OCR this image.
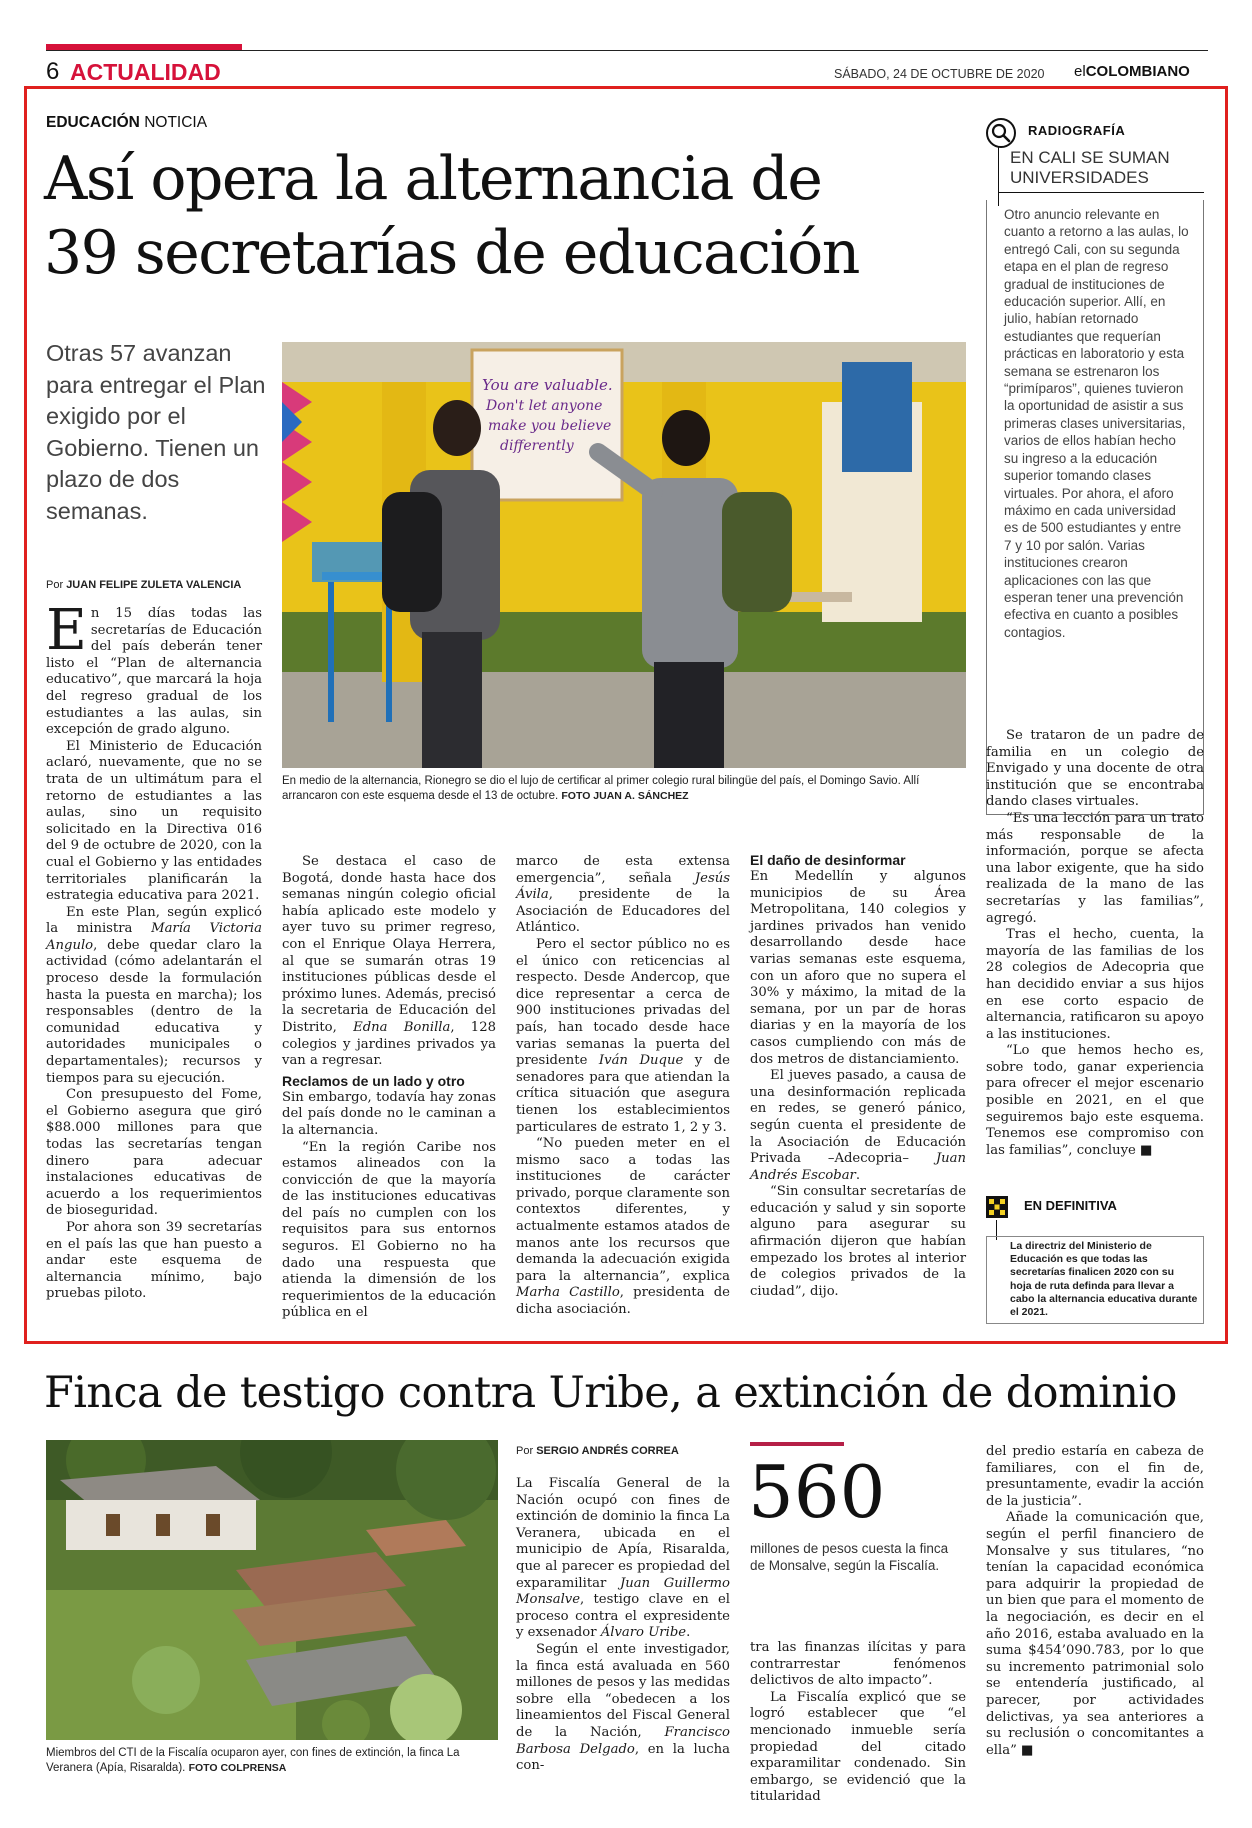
6 ACTUALIDAD	SÁBADO, 24 DE OCTUBRE DE 2020 elCOLOMBIANO
EDUCACIÓN NOTICIA
Así opera la alternancia de
39 secretarías de educación
Otras 57 avanzan para entregar el Plan exigido por el Gobierno. Tienen un plazo de dos semanas.
Por JUAN FELIPE ZULETA VALENCIA
You are valuable.
Don't let anyone
make you believe
differently
En medio de la alternancia, Rionegro se dio el lujo de certificar al primer colegio rural bilingüe del país, el Domingo Savio. Allí arrancaron con este esquema desde el 13 de octubre. FOTO JUAN A. SÁNCHEZ

En 15 días todas las secretarías de Educación del país deberán tener listo el “Plan de alternancia educativo”, que marcará la hoja del regreso gradual de los estudiantes a las aulas, sin excepción de grado alguno.

El Ministerio de Educación aclaró, nuevamente, que no se trata de un ultimátum para el retorno de estudiantes a las aulas, sino un requisito solicitado en la Directiva 016 del 9 de octubre de 2020, con la cual el Gobierno y las entidades territoriales planificarán la estrategia educativa para 2021.

En este Plan, según explicó la ministra María Victoria Angulo, debe quedar claro la actividad (cómo adelantarán el proceso desde la formulación hasta la puesta en marcha); los responsables (dentro de la comunidad educativa y autoridades municipales o departamentales); recursos y tiempos para su ejecución.

Con presupuesto del Fome, el Gobierno asegura que giró $88.000 millones para que todas las secretarías tengan dinero para adecuar instalaciones educativas de acuerdo a los requerimientos de bioseguridad.

Por ahora son 39 secretarías en el país las que han puesto a andar este esquema de alternancia mínimo, bajo pruebas piloto.

Se destaca el caso de Bogotá, donde hasta hace dos semanas ningún colegio oficial había aplicado este modelo y ayer tuvo su primer regreso, con el Enrique Olaya Herrera, al que se sumarán otras 19 instituciones públicas desde el próximo lunes. Además, precisó la secretaria de Educación del Distrito, Edna Bonilla, 128 colegios y jardines privados ya van a regresar.

Reclamos de un lado y otro

Sin embargo, todavía hay zonas del país donde no le caminan a la alternancia.

“En la región Caribe nos estamos alineados con la convicción de que la mayoría de las instituciones educativas del país no cumplen con los requisitos para sus entornos seguros. El Gobierno no ha dado una respuesta que atienda la dimensión de los requerimientos de la educación pública en el

marco de esta extensa emergencia”, señala Jesús Ávila, presidente de la Asociación de Educadores del Atlántico.

Pero el sector público no es el único con reticencias al respecto. Desde Andercop, que dice representar a cerca de 900 instituciones privadas del país, han tocado desde hace varias semanas la puerta del presidente Iván Duque y de senadores para que atiendan la crítica situación que asegura tienen los establecimientos particulares de estrato 1, 2 y 3.

“No pueden meter en el mismo saco a todas las instituciones de carácter privado, porque claramente son contextos diferentes, y actualmente estamos atados de manos ante los recursos que demanda la adecuación exigida para la alternancia”, explica Marha Castillo, presidenta de dicha asociación.

El daño de desinformar

En Medellín y algunos municipios de su Área Metropolitana, 140 colegios y jardines privados han venido desarrollando desde hace varias semanas este esquema, con un aforo que no supera el 30% y máximo, la mitad de la semana, por un par de horas diarias y en la mayoría de los casos cumpliendo con más de dos metros de distanciamiento.

El jueves pasado, a causa de una desinformación replicada en redes, se generó pánico, según cuenta el presidente de la Asociación de Educación Privada –Adecopria– Juan Andrés Escobar.

“Sin consultar secretarías de educación y salud y sin soporte alguno para asegurar su afirmación dijeron que habían empezado los brotes al interior de colegios privados de la ciudad”, dijo.

RADIOGRAFÍA
EN CALI SE SUMAN UNIVERSIDADES
Otro anuncio relevante en cuanto a retorno a las aulas, lo entregó Cali, con su segunda etapa en el plan de regreso gradual de instituciones de educación superior. Allí, en julio, habían retornado estudiantes que requerían prácticas en laboratorio y esta semana se estrenaron los “primíparos”, quienes tuvieron la oportunidad de asistir a sus primeras clases universitarias, varios de ellos habían hecho su ingreso a la educación superior tomando clases virtuales. Por ahora, el aforo máximo en cada universidad es de 500 estudiantes y entre 7 y 10 por salón. Varias instituciones crearon aplicaciones con las que esperan tener una prevención efectiva en cuanto a posibles contagios.

Se trataron de un padre de familia en un colegio de Envigado y una docente de otra institución que se encontraba dando clases virtuales.

“Es una lección para un trato más responsable de la información, porque se afecta una labor exigente, que ha sido realizada de la mano de las secretarías y las familias”, agregó.

Tras el hecho, cuenta, la mayoría de las familias de los 28 colegios de Adecopria que han decidido enviar a sus hijos en ese corto espacio de alternancia, ratificaron su apoyo a las instituciones.

“Lo que hemos hecho es, sobre todo, ganar experiencia para ofrecer el mejor escenario posible en 2021, en el que seguiremos bajo este esquema. Tenemos ese compromiso con las familias”, concluye ■

EN DEFINITIVA
La directriz del Ministerio de Educación es que todas las secretarías finalicen 2020 con su hoja de ruta definda para llevar a cabo la alternancia educativa durante el 2021.
Finca de testigo contra Uribe, a extinción de dominio
Miembros del CTI de la Fiscalía ocuparon ayer, con fines de extinción, la finca La Veranera (Apía, Risaralda). FOTO COLPRENSA
Por SERGIO ANDRÉS CORREA

La Fiscalía General de la Nación ocupó con fines de extinción de dominio la finca La Veranera, ubicada en el municipio de Apía, Risaralda, que al parecer es propiedad del exparamilitar Juan Guillermo Monsalve, testigo clave en el proceso contra el expresidente y exsenador Álvaro Uribe.

Según el ente investigador, la finca está avaluada en 560 millones de pesos y las medidas sobre ella “obedecen a los lineamientos del Fiscal General de la Nación, Francisco Barbosa Delgado, en la lucha con-

560
millones de pesos cuesta la finca de Monsalve, según la Fiscalía.

tra las finanzas ilícitas y para contrarrestar fenómenos delictivos de alto impacto”.

La Fiscalía explicó que se logró establecer que “el mencionado inmueble sería propiedad del citado exparamilitar condenado. Sin embargo, se evidenció que la titularidad

del predio estaría en cabeza de familiares, con el fin de, presuntamente, evadir la acción de la justicia”.

Añade la comunicación que, según el perfil financiero de Monsalve y sus titulares, “no tenían la capacidad económica para adquirir la propiedad de un bien que para el momento de la negociación, es decir en el año 2016, estaba avaluado en la suma $454’090.783, por lo que su incremento patrimonial solo se entendería justificado, al parecer, por actividades delictivas, ya sea anteriores a su reclusión o concomitantes a ella” ■
